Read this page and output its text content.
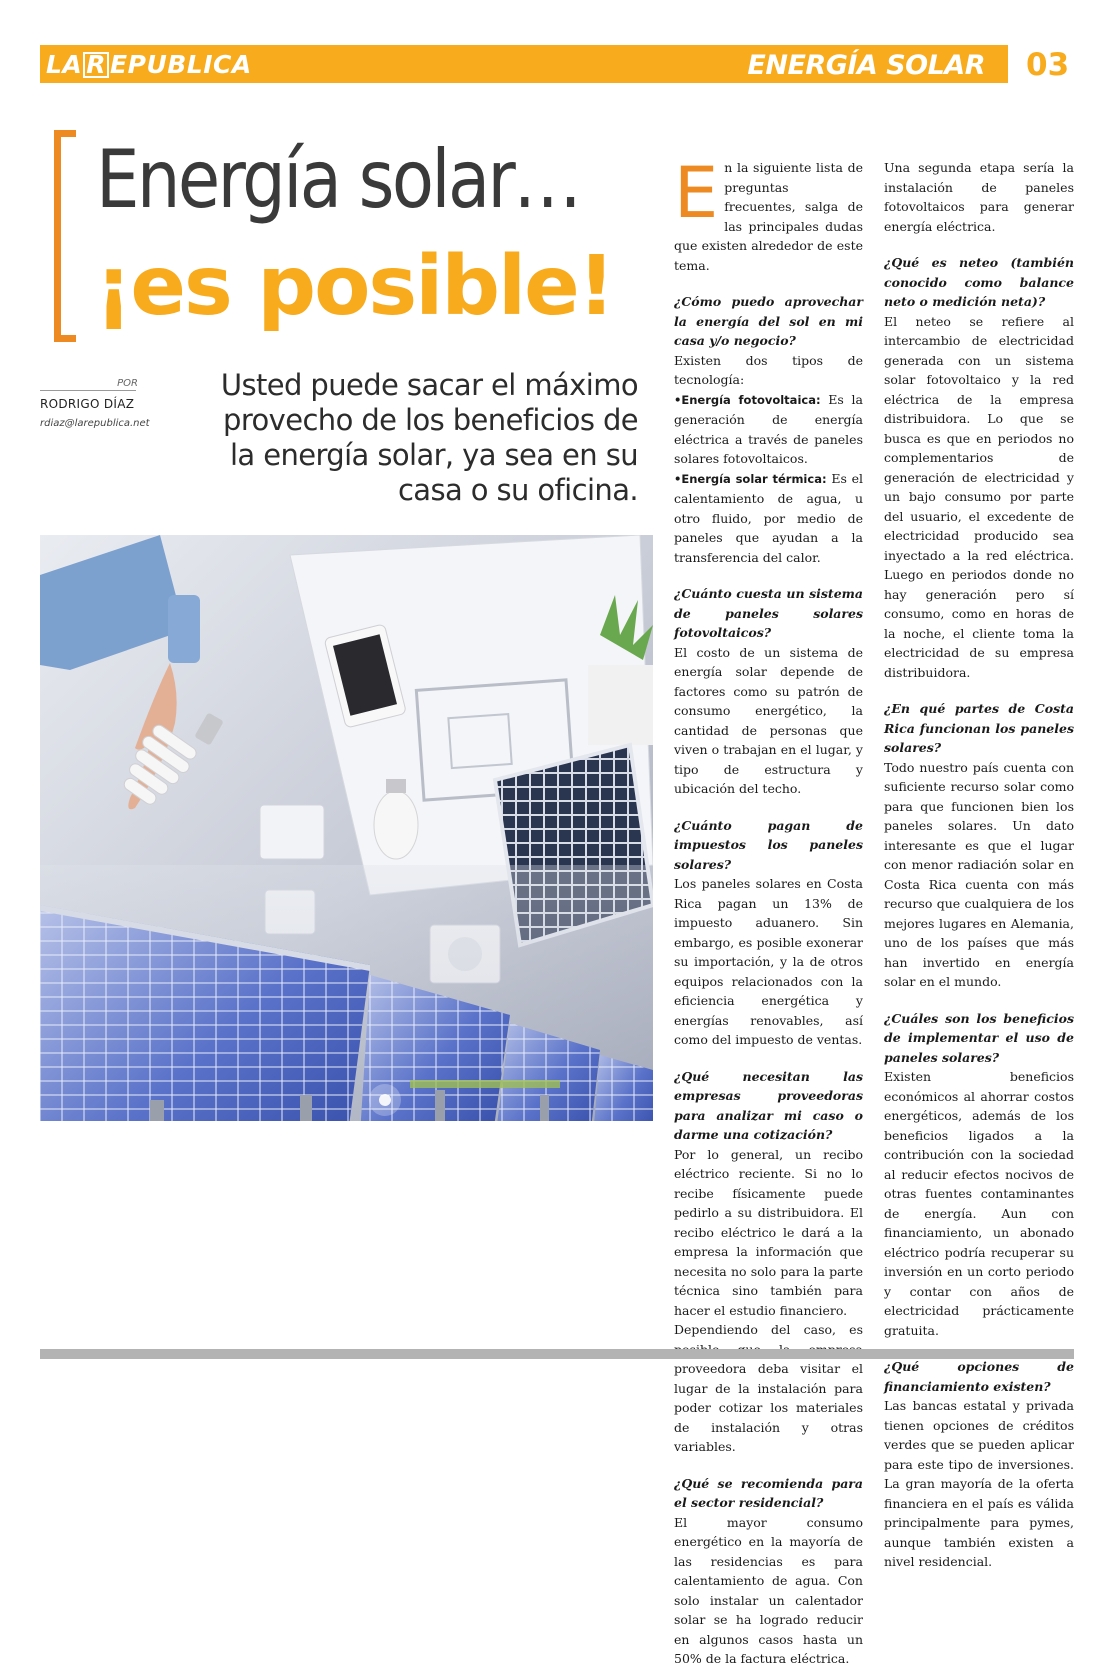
LA R EPUBLICA	ENERGÍA SOLAR 03
Energía solar…
¡es posible!
POR
RODRIGO DÍAZ
rdiaz@larepublica.net
Usted puede sacar el máximo provecho de los beneficios de la energía solar, ya sea en su casa o su oficina.

En la siguiente lista de preguntas frecuentes, salga de las principales dudas que existen alrededor de este tema.

¿Cómo puedo aprovechar la energía del sol en mi casa y/o negocio?

Existen dos tipos de tecnología:

•Energía fotovoltaica: Es la generación de energía eléctrica a través de paneles solares fotovoltaicos.

•Energía solar térmica: Es el calentamiento de agua, u otro fluido, por medio de paneles que ayudan a la transferencia del calor.

¿Cuánto cuesta un sistema de paneles solares fotovoltaicos?

El costo de un sistema de energía solar depende de factores como su patrón de consumo energético, la cantidad de personas que viven o trabajan en el lugar, y tipo de estructura y ubicación del techo.

¿Cuánto pagan de impuestos los paneles solares?

Los paneles solares en Costa Rica pagan un 13% de impuesto aduanero. Sin embargo, es posible exonerar su importación, y la de otros equipos relacionados con la eficiencia energética y energías renovables, así como del impuesto de ventas.

¿Qué necesitan las empresas proveedoras para analizar mi caso o darme una cotización?

Por lo general, un recibo eléctrico reciente. Si no lo recibe físicamente puede pedirlo a su distribuidora. El recibo eléctrico le dará a la empresa la información que necesita no solo para la parte técnica sino también para hacer el estudio financiero.

Dependiendo del caso, es proveedora deba visitar el lugar de la instalación para poder cotizar los materiales de instalación y otras variables.

¿Qué se recomienda para el sector residencial?

El mayor consumo energético en la mayoría de las residencias es para calentamiento de agua. Con solo instalar un calentador solar se ha logrado reducir en algunos casos hasta un 50% de la factura eléctrica.

Una segunda etapa sería la instalación de paneles fotovoltaicos para generar energía eléctrica.

¿Qué es neteo (también conocido como balance neto o medición neta)?

El neteo se refiere al intercambio de electricidad generada con un sistema solar fotovoltaico y la red eléctrica de la empresa distribuidora. Lo que se busca es que en periodos no complementarios de generación de electricidad y un bajo consumo por parte del usuario, el excedente de electricidad producido sea inyectado a la red eléctrica. Luego en periodos donde no hay generación pero sí consumo, como en horas de la noche, el cliente toma la electricidad de su empresa distribuidora.

¿En qué partes de Costa Rica funcionan los paneles solares?

Todo nuestro país cuenta con suficiente recurso solar como para que funcionen bien los paneles solares. Un dato interesante es que el lugar con menor radiación solar en Costa Rica cuenta con más recurso que cualquiera de los mejores lugares en Alemania, uno de los países que más han invertido en energía solar en el mundo.

¿Cuáles son los beneficios de implementar el uso de paneles solares?

Existen beneficios económicos al ahorrar costos energéticos, además de los beneficios ligados a la contribución con la sociedad al reducir efectos nocivos de otras fuentes contaminantes de energía. Aun con financiamiento, un abonado eléctrico podría recuperar su inversión en un corto periodo y contar con años de electricidad prácticamente gratuita.

¿Qué opciones de financiamiento existen?

Las bancas estatal y privada tienen opciones de créditos verdes que se pueden aplicar para este tipo de inversiones. La gran mayoría de la oferta financiera en el país es válida principalmente para pymes, aunque también existen a nivel residencial.
